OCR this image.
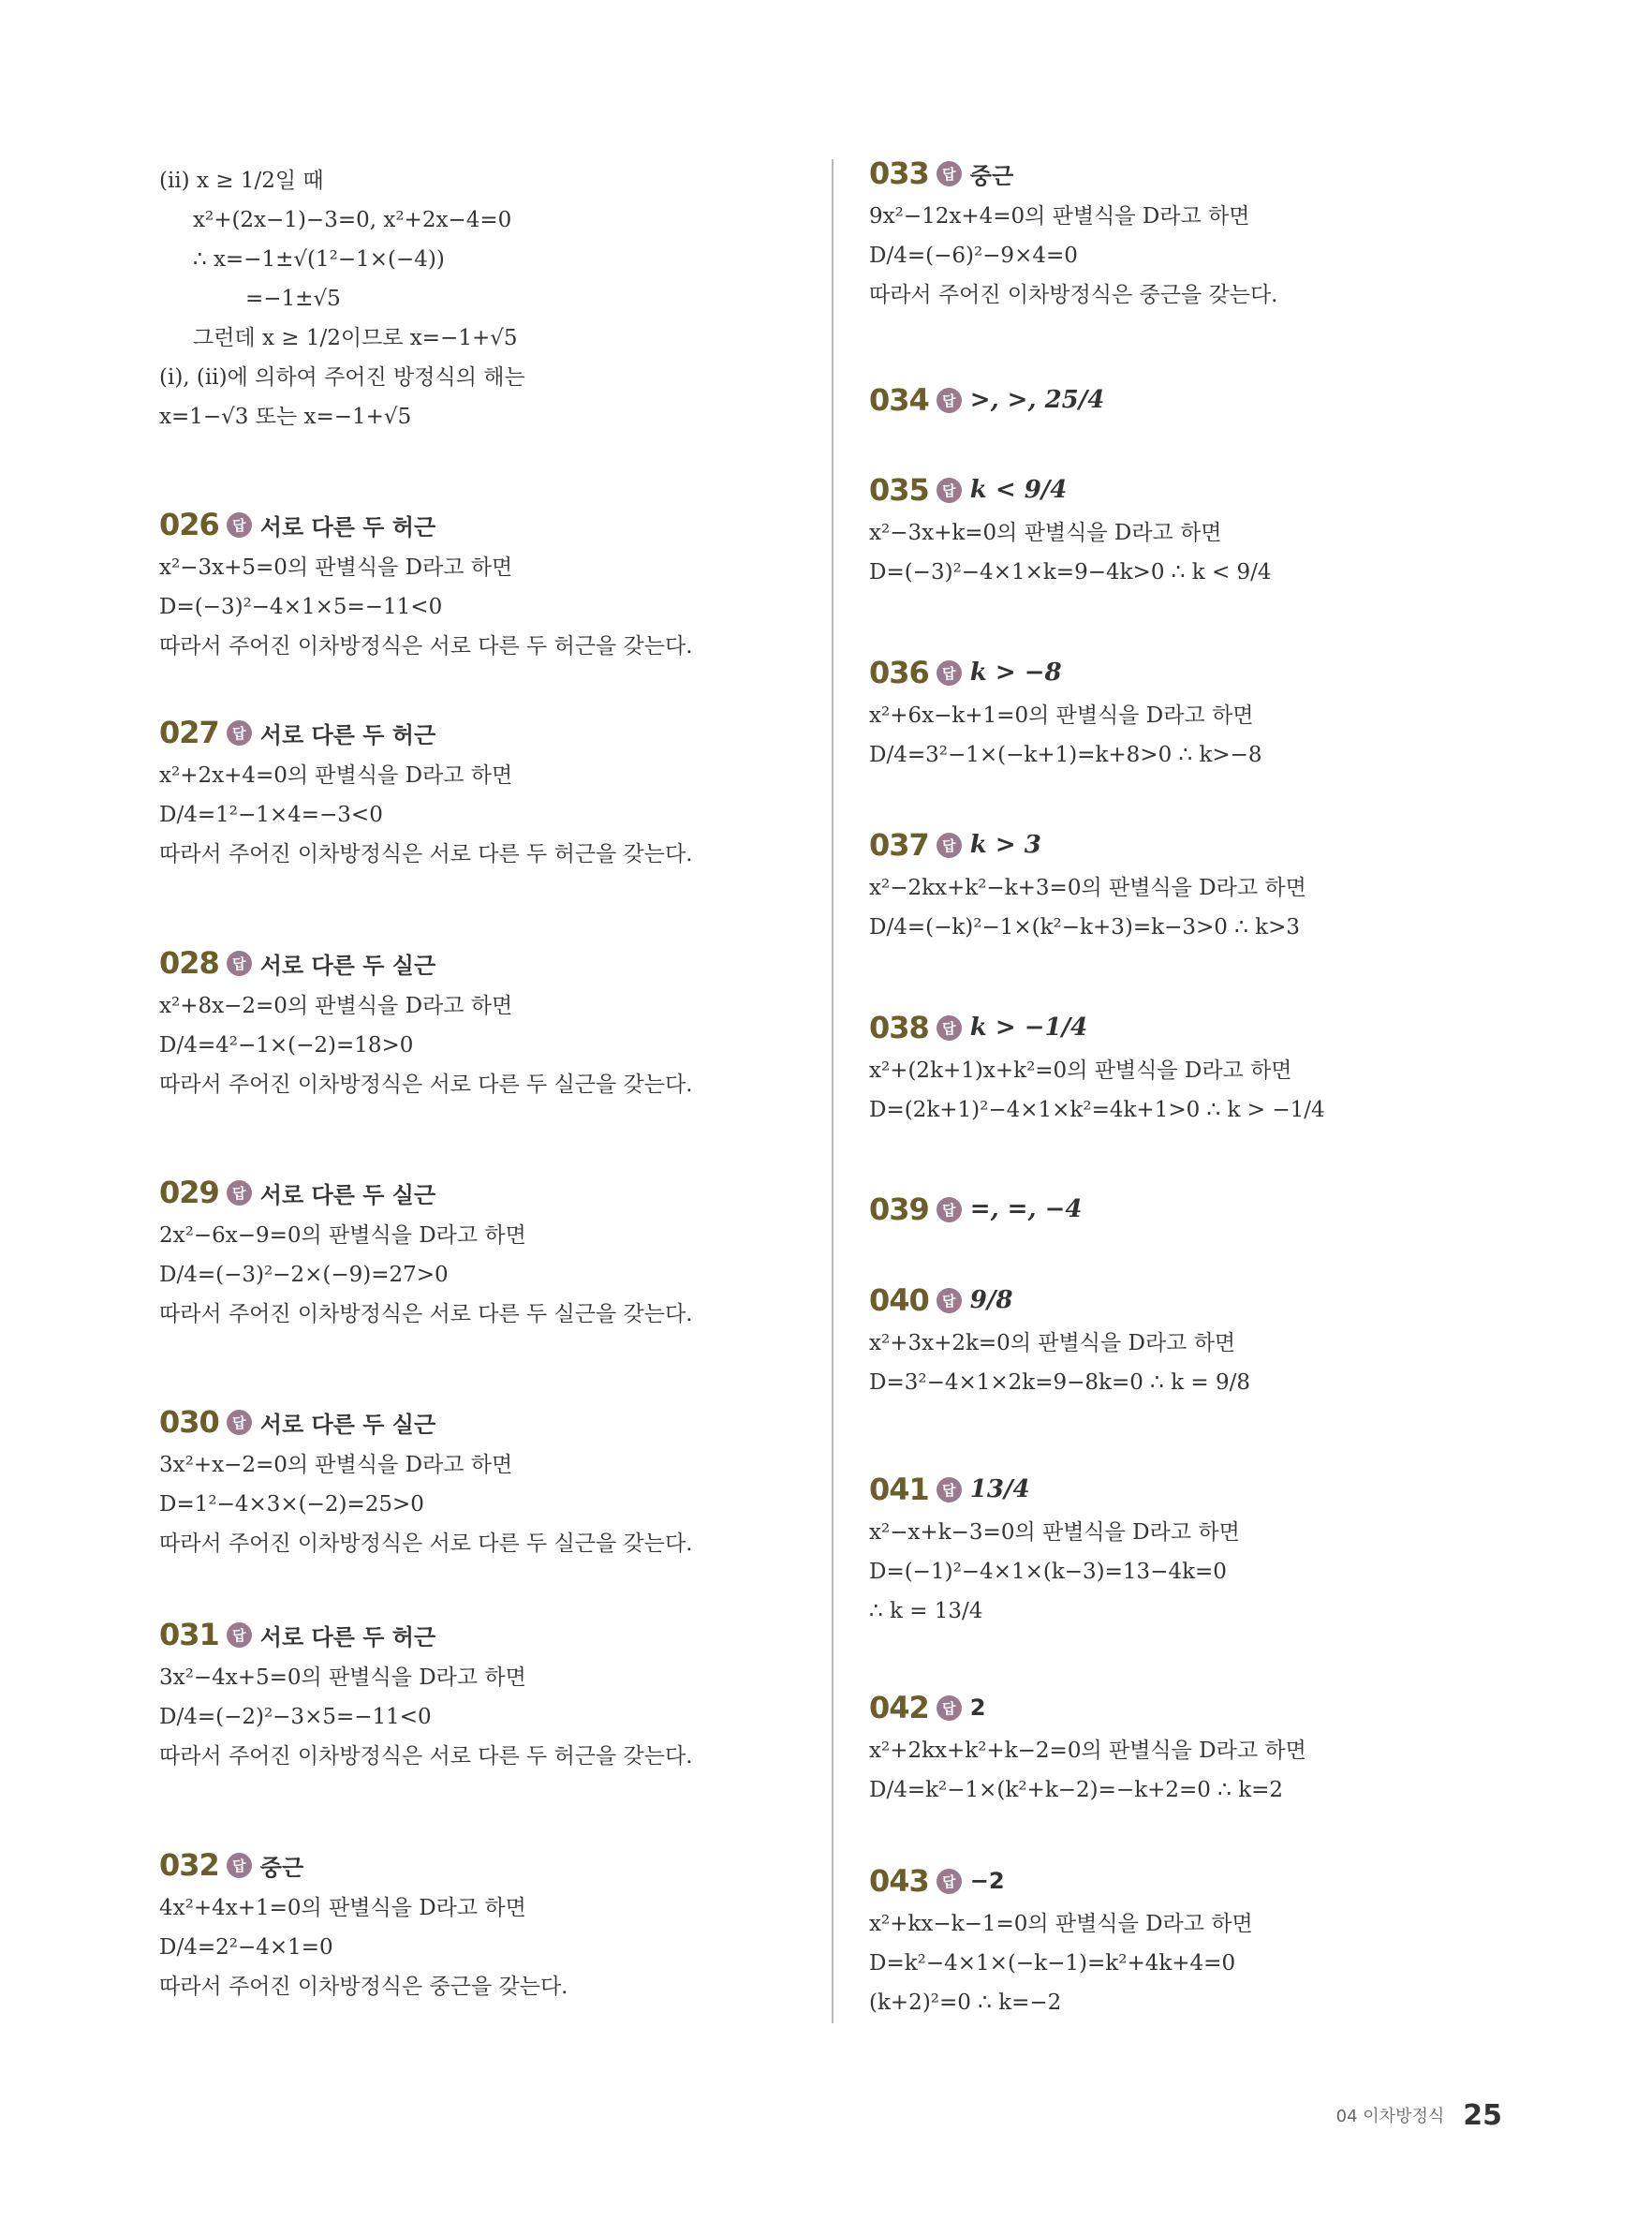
(ⅱ) x ≥ 1/2일 때
x²+(2x−1)−3=0, x²+2x−4=0
∴ x=−1±√(1²−1×(−4))
=−1±√5
그런데 x ≥ 1/2이므로 x=−1+√5
(ⅰ), (ⅱ)에 의하여 주어진 방정식의 해는
x=1−√3 또는 x=−1+√5
026 답 서로 다른 두 허근
x²−3x+5=0의 판별식을 D라고 하면
D=(−3)²−4×1×5=−11<0
따라서 주어진 이차방정식은 서로 다른 두 허근을 갖는다.
027 답 서로 다른 두 허근
x²+2x+4=0의 판별식을 D라고 하면
D/4=1²−1×4=−3<0
따라서 주어진 이차방정식은 서로 다른 두 허근을 갖는다.
028 답 서로 다른 두 실근
x²+8x−2=0의 판별식을 D라고 하면
D/4=4²−1×(−2)=18>0
따라서 주어진 이차방정식은 서로 다른 두 실근을 갖는다.
029 답 서로 다른 두 실근
2x²−6x−9=0의 판별식을 D라고 하면
D/4=(−3)²−2×(−9)=27>0
따라서 주어진 이차방정식은 서로 다른 두 실근을 갖는다.
030 답 서로 다른 두 실근
3x²+x−2=0의 판별식을 D라고 하면
D=1²−4×3×(−2)=25>0
따라서 주어진 이차방정식은 서로 다른 두 실근을 갖는다.
031 답 서로 다른 두 허근
3x²−4x+5=0의 판별식을 D라고 하면
D/4=(−2)²−3×5=−11<0
따라서 주어진 이차방정식은 서로 다른 두 허근을 갖는다.
032 답 중근
4x²+4x+1=0의 판별식을 D라고 하면
D/4=2²−4×1=0
따라서 주어진 이차방정식은 중근을 갖는다.
033 답 중근
9x²−12x+4=0의 판별식을 D라고 하면
D/4=(−6)²−9×4=0
따라서 주어진 이차방정식은 중근을 갖는다.
034 답 >, >, 25/4
035 답 k < 9/4
x²−3x+k=0의 판별식을 D라고 하면
D=(−3)²−4×1×k=9−4k>0 ∴ k < 9/4
036 답 k > −8
x²+6x−k+1=0의 판별식을 D라고 하면
D/4=3²−1×(−k+1)=k+8>0 ∴ k>−8
037 답 k > 3
x²−2kx+k²−k+3=0의 판별식을 D라고 하면
D/4=(−k)²−1×(k²−k+3)=k−3>0 ∴ k>3
038 답 k > −1/4
x²+(2k+1)x+k²=0의 판별식을 D라고 하면
D=(2k+1)²−4×1×k²=4k+1>0 ∴ k > −1/4
039 답 =, =, −4
040 답 9/8
x²+3x+2k=0의 판별식을 D라고 하면
D=3²−4×1×2k=9−8k=0 ∴ k = 9/8
041 답 13/4
x²−x+k−3=0의 판별식을 D라고 하면
D=(−1)²−4×1×(k−3)=13−4k=0
∴ k = 13/4
042 답 2
x²+2kx+k²+k−2=0의 판별식을 D라고 하면
D/4=k²−1×(k²+k−2)=−k+2=0 ∴ k=2
043 답 −2
x²+kx−k−1=0의 판별식을 D라고 하면
D=k²−4×1×(−k−1)=k²+4k+4=0
(k+2)²=0 ∴ k=−2
04 이차방정식 25
